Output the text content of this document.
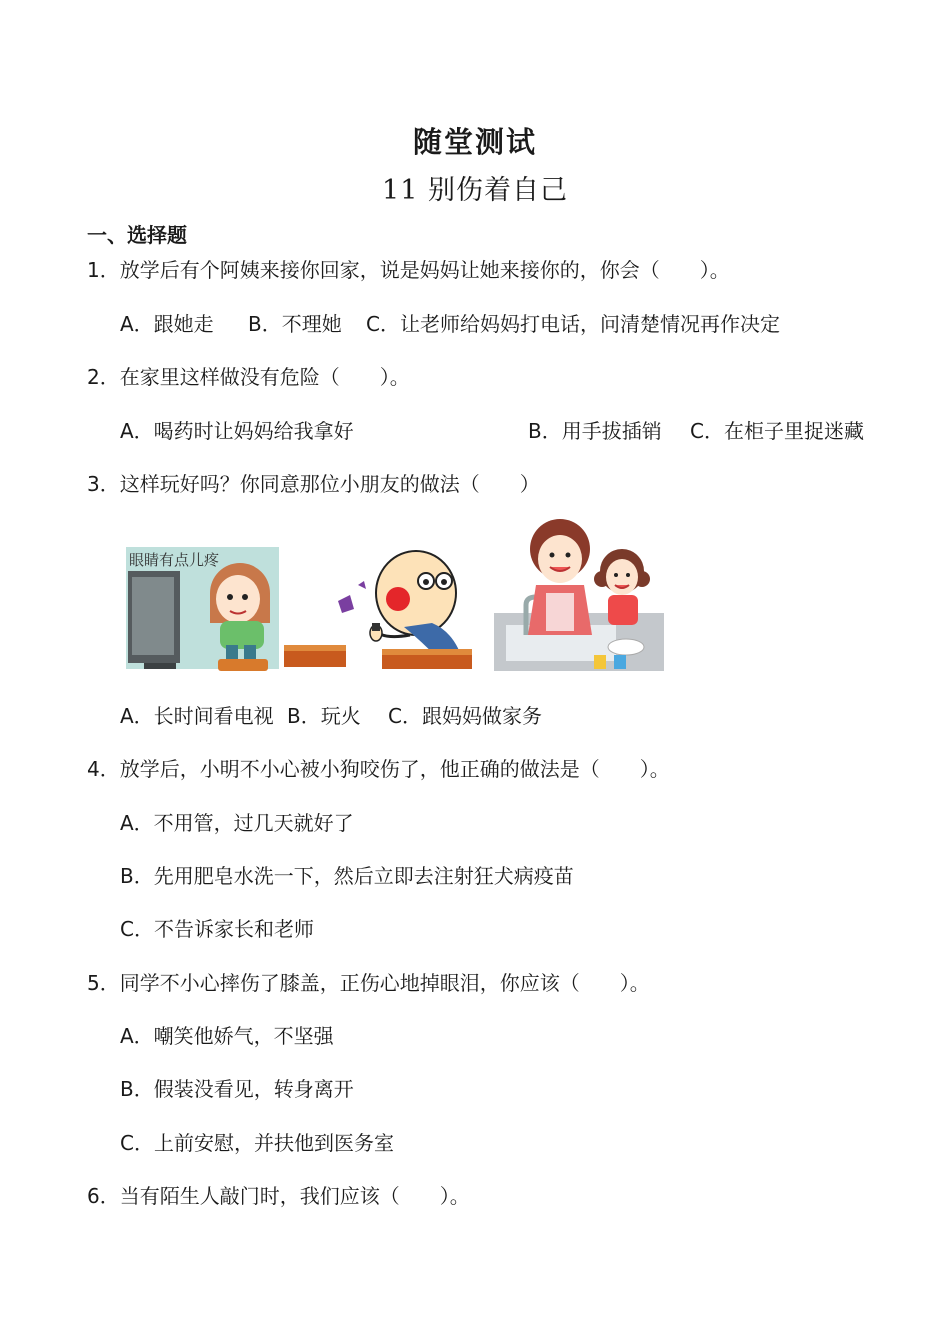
随堂测试
11 别伤着自己
一、选择题
1．放学后有个阿姨来接你回家，说是妈妈让她来接你的，你会（　　）。
A．跟她走 B．不理她 C．让老师给妈妈打电话，问清楚情况再作决定
2．在家里这样做没有危险（　　）。
A．喝药时让妈妈给我拿好	B．用手拔插销 C．在柜子里捉迷藏
3．这样玩好吗？你同意那位小朋友的做法（　　）
眼睛有点儿疼
A．长时间看电视 B．玩火 C．跟妈妈做家务
4．放学后，小明不小心被小狗咬伤了，他正确的做法是（　　）。
A．不用管，过几天就好了
B．先用肥皂水洗一下，然后立即去注射狂犬病疫苗
C．不告诉家长和老师
5．同学不小心摔伤了膝盖，正伤心地掉眼泪，你应该（　　）。
A．嘲笑他娇气，不坚强
B．假装没看见，转身离开
C．上前安慰，并扶他到医务室
6．当有陌生人敲门时，我们应该（　　）。
